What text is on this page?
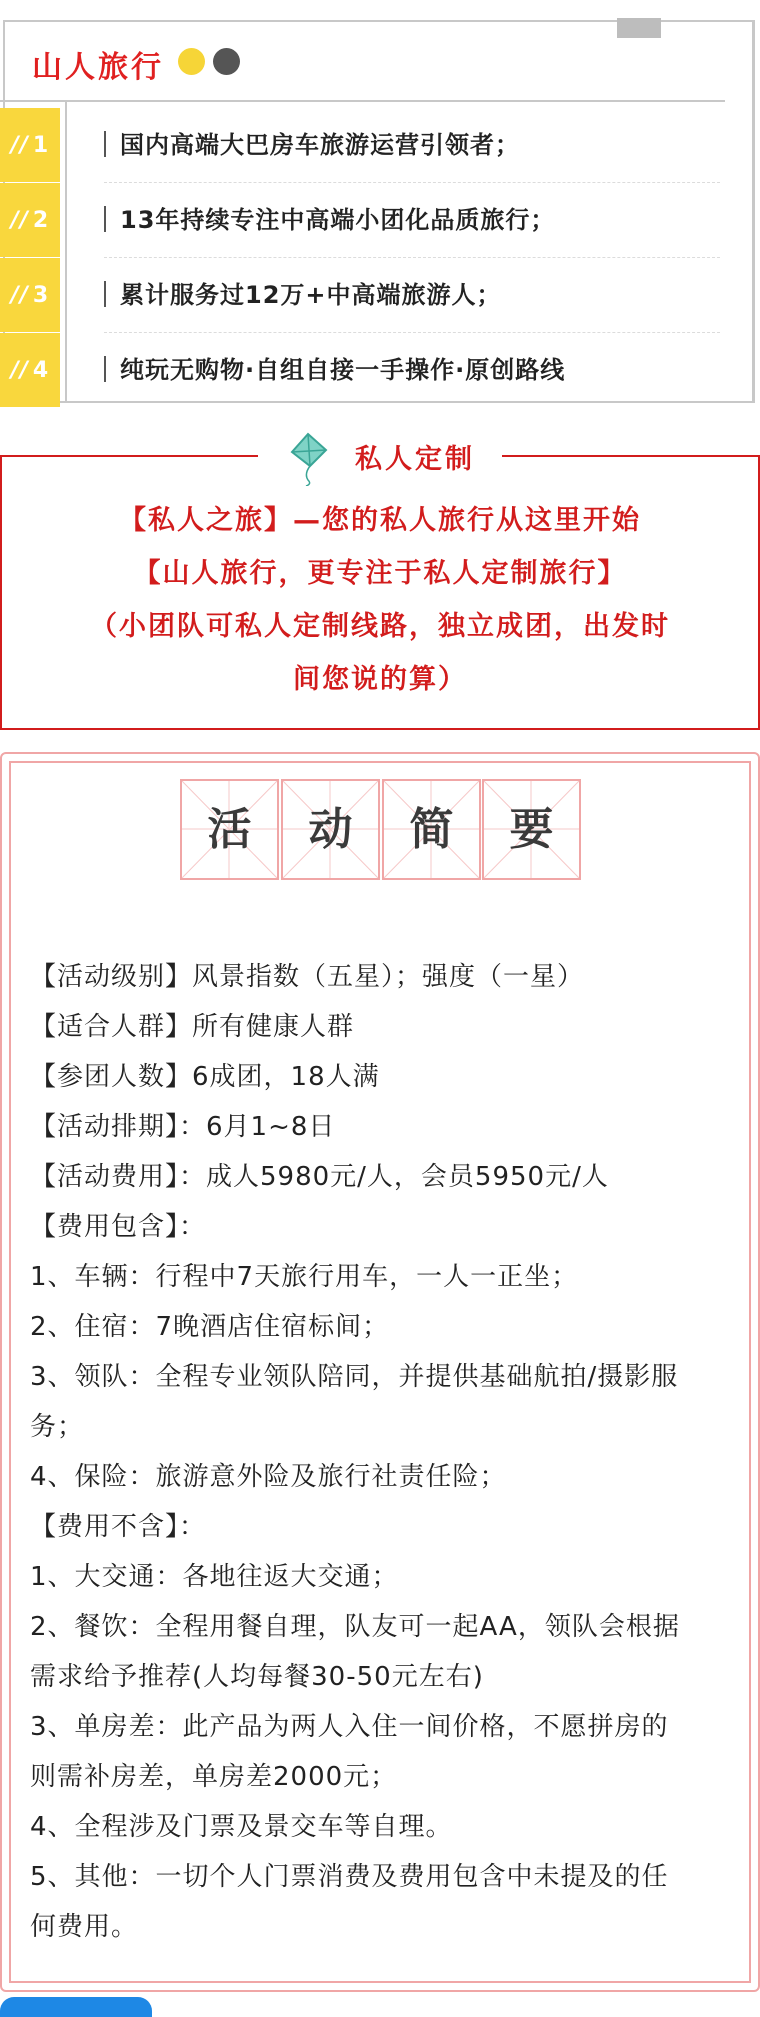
山人旅行
// 1	国内高端大巴房车旅游运营引领者；
// 2	13年持续专注中高端小团化品质旅行；
// 3	累计服务过12万+中高端旅游人；
// 4	纯玩无购物·自组自接一手操作·原创路线
私人定制
【私人之旅】—您的私人旅行从这里开始
【山人旅行，更专注于私人定制旅行】
（小团队可私人定制线路，独立成团，出发时
间您说的算）
活	动	简	要
【活动级别】风景指数（五星）；强度（一星）
【适合人群】所有健康人群
【参团人数】6成团，18人满
【活动排期】：6月1~8日
【活动费用】：成人5980元/人，会员5950元/人
【费用包含】：
1、车辆：行程中7天旅行用车，一人一正坐；
2、住宿：7晚酒店住宿标间；
3、领队：全程专业领队陪同，并提供基础航拍/摄影服
务；
4、保险：旅游意外险及旅行社责任险；
【费用不含】：
1、大交通：各地往返大交通；
2、餐饮：全程用餐自理，队友可一起AA，领队会根据
需求给予推荐(人均每餐30-50元左右)
3、单房差：此产品为两人入住一间价格，不愿拼房的
则需补房差，单房差2000元；
4、全程涉及门票及景交车等自理。
5、其他：一切个人门票消费及费用包含中未提及的任
何费用。
